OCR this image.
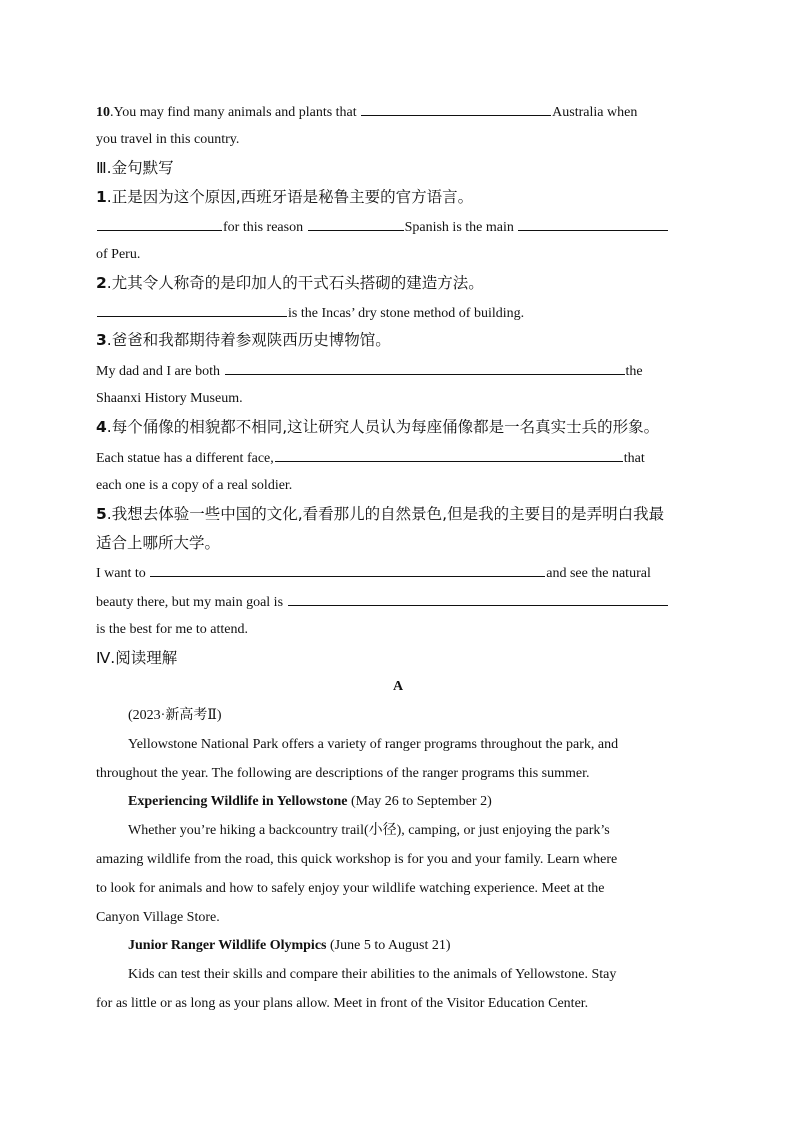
10.You may find many animals and plants that	Australia when
you travel in this country.
Ⅲ.金句默写
1.正是因为这个原因,西班牙语是秘鲁主要的官方语言。
for this reason	Spanish is the main
of Peru.
2.尤其令人称奇的是印加人的干式石头搭砌的建造方法。
is the Incas’ dry stone method of building.
3.爸爸和我都期待着参观陕西历史博物馆。
My dad and I are both	the
Shaanxi History Museum.
4.每个俑像的相貌都不相同,这让研究人员认为每座俑像都是一名真实士兵的形象。
Each statue has a different face,	that
each one is a copy of a real soldier.
5.我想去体验一些中国的文化,看看那儿的自然景色,但是我的主要目的是弄明白我最
适合上哪所大学。
I want to	and see the natural
beauty there, but my main goal is
is the best for me to attend.
Ⅳ.阅读理解
A
(2023·新高考Ⅱ)
Yellowstone National Park offers a variety of ranger programs throughout the park, and
throughout the year. The following are descriptions of the ranger programs this summer.
Experiencing Wildlife in Yellowstone (May 26 to September 2)
Whether you’re hiking a backcountry trail(小径), camping, or just enjoying the park’s
amazing wildlife from the road, this quick workshop is for you and your family. Learn where
to look for animals and how to safely enjoy your wildlife watching experience. Meet at the
Canyon Village Store.
Junior Ranger Wildlife Olympics (June 5 to August 21)
Kids can test their skills and compare their abilities to the animals of Yellowstone. Stay
for as little or as long as your plans allow. Meet in front of the Visitor Education Center.
